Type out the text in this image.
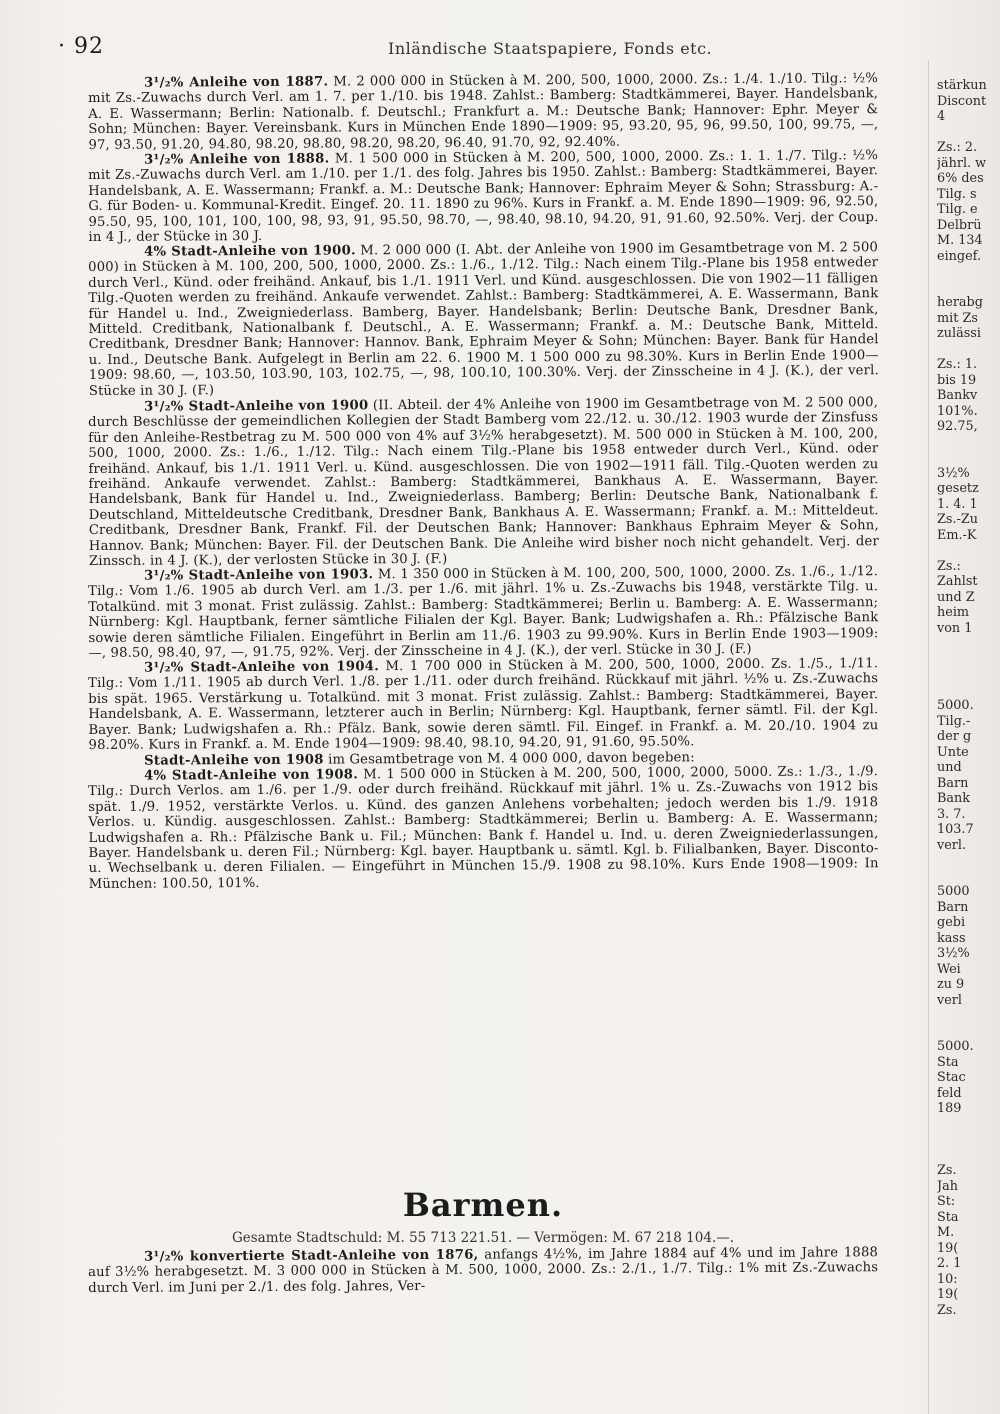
· 92	Inländische Staatspapiere, Fonds etc.

3¹/₂% Anleihe von 1887. M. 2 000 000 in Stücken à M. 200, 500, 1000, 2000. Zs.: 1./4. 1./10. Tilg.: ½% mit Zs.-Zuwachs durch Verl. am 1. 7. per 1./10. bis 1948. Zahlst.: Bamberg: Stadtkämmerei, Bayer. Handelsbank, A. E. Wassermann; Berlin: Nationalb. f. Deutschl.; Frankfurt a. M.: Deutsche Bank; Hannover: Ephr. Meyer & Sohn; München: Bayer. Vereinsbank. Kurs in München Ende 1890—1909: 95, 93.20, 95, 96, 99.50, 100, 99.75, —, 97, 93.50, 91.20, 94.80, 98.20, 98.80, 98.20, 98.20, 96.40, 91.70, 92, 92.40%.

3¹/₂% Anleihe von 1888. M. 1 500 000 in Stücken à M. 200, 500, 1000, 2000. Zs.: 1. 1. 1./7. Tilg.: ½% mit Zs.-Zuwachs durch Verl. am 1./10. per 1./1. des folg. Jahres bis 1950. Zahlst.: Bamberg: Stadtkämmerei, Bayer. Handelsbank, A. E. Wassermann; Frankf. a. M.: Deutsche Bank; Hannover: Ephraim Meyer & Sohn; Strassburg: A.-G. für Boden- u. Kommunal-Kredit. Eingef. 20. 11. 1890 zu 96%. Kurs in Frankf. a. M. Ende 1890—1909: 96, 92.50, 95.50, 95, 100, 101, 100, 100, 98, 93, 91, 95.50, 98.70, —, 98.40, 98.10, 94.20, 91, 91.60, 92.50%. Verj. der Coup. in 4 J., der Stücke in 30 J.

4% Stadt-Anleihe von 1900. M. 2 000 000 (I. Abt. der Anleihe von 1900 im Gesamtbetrage von M. 2 500 000) in Stücken à M. 100, 200, 500, 1000, 2000. Zs.: 1./6., 1./12. Tilg.: Nach einem Tilg.-Plane bis 1958 entweder durch Verl., Künd. oder freihänd. Ankauf, bis 1./1. 1911 Verl. und Künd. ausgeschlossen. Die von 1902—11 fälligen Tilg.-Quoten werden zu freihänd. Ankaufe verwendet. Zahlst.: Bamberg: Stadtkämmerei, A. E. Wassermann, Bank für Handel u. Ind., Zweigniederlass. Bamberg, Bayer. Handelsbank; Berlin: Deutsche Bank, Dresdner Bank, Mitteld. Creditbank, Nationalbank f. Deutschl., A. E. Wassermann; Frankf. a. M.: Deutsche Bank, Mitteld. Creditbank, Dresdner Bank; Hannover: Hannov. Bank, Ephraim Meyer & Sohn; München: Bayer. Bank für Handel u. Ind., Deutsche Bank. Aufgelegt in Berlin am 22. 6. 1900 M. 1 500 000 zu 98.30%. Kurs in Berlin Ende 1900—1909: 98.60, —, 103.50, 103.90, 103, 102.75, —, 98, 100.10, 100.30%. Verj. der Zinsscheine in 4 J. (K.), der verl. Stücke in 30 J. (F.)

3¹/₂% Stadt-Anleihe von 1900 (II. Abteil. der 4% Anleihe von 1900 im Gesamtbetrage von M. 2 500 000, durch Beschlüsse der gemeindlichen Kollegien der Stadt Bamberg vom 22./12. u. 30./12. 1903 wurde der Zinsfuss für den Anleihe-Restbetrag zu M. 500 000 von 4% auf 3½% herabgesetzt). M. 500 000 in Stücken à M. 100, 200, 500, 1000, 2000. Zs.: 1./6., 1./12. Tilg.: Nach einem Tilg.-Plane bis 1958 entweder durch Verl., Künd. oder freihänd. Ankauf, bis 1./1. 1911 Verl. u. Künd. ausgeschlossen. Die von 1902—1911 fäll. Tilg.-Quoten werden zu freihänd. Ankaufe verwendet. Zahlst.: Bamberg: Stadtkämmerei, Bankhaus A. E. Wassermann, Bayer. Handelsbank, Bank für Handel u. Ind., Zweigniederlass. Bamberg; Berlin: Deutsche Bank, Nationalbank f. Deutschland, Mitteldeutsche Creditbank, Dresdner Bank, Bankhaus A. E. Wassermann; Frankf. a. M.: Mitteldeut. Creditbank, Dresdner Bank, Frankf. Fil. der Deutschen Bank; Hannover: Bankhaus Ephraim Meyer & Sohn, Hannov. Bank; München: Bayer. Fil. der Deutschen Bank. Die Anleihe wird bisher noch nicht gehandelt. Verj. der Zinssch. in 4 J. (K.), der verlosten Stücke in 30 J. (F.)

3¹/₂% Stadt-Anleihe von 1903. M. 1 350 000 in Stücken à M. 100, 200, 500, 1000, 2000. Zs. 1./6., 1./12. Tilg.: Vom 1./6. 1905 ab durch Verl. am 1./3. per 1./6. mit jährl. 1% u. Zs.-Zuwachs bis 1948, verstärkte Tilg. u. Totalkünd. mit 3 monat. Frist zulässig. Zahlst.: Bamberg: Stadtkämmerei; Berlin u. Bamberg: A. E. Wassermann; Nürnberg: Kgl. Hauptbank, ferner sämtliche Filialen der Kgl. Bayer. Bank; Ludwigshafen a. Rh.: Pfälzische Bank sowie deren sämtliche Filialen. Eingeführt in Berlin am 11./6. 1903 zu 99.90%. Kurs in Berlin Ende 1903—1909: —, 98.50, 98.40, 97, —, 91.75, 92%. Verj. der Zinsscheine in 4 J. (K.), der verl. Stücke in 30 J. (F.)

3¹/₂% Stadt-Anleihe von 1904. M. 1 700 000 in Stücken à M. 200, 500, 1000, 2000. Zs. 1./5., 1./11. Tilg.: Vom 1./11. 1905 ab durch Verl. 1./8. per 1./11. oder durch freihänd. Rückkauf mit jährl. ½% u. Zs.-Zuwachs bis spät. 1965. Verstärkung u. Totalkünd. mit 3 monat. Frist zulässig. Zahlst.: Bamberg: Stadtkämmerei, Bayer. Handelsbank, A. E. Wassermann, letzterer auch in Berlin; Nürnberg: Kgl. Hauptbank, ferner sämtl. Fil. der Kgl. Bayer. Bank; Ludwigshafen a. Rh.: Pfälz. Bank, sowie deren sämtl. Fil. Eingef. in Frankf. a. M. 20./10. 1904 zu 98.20%. Kurs in Frankf. a. M. Ende 1904—1909: 98.40, 98.10, 94.20, 91, 91.60, 95.50%.

Stadt-Anleihe von 1908 im Gesamtbetrage von M. 4 000 000, davon begeben:

4% Stadt-Anleihe von 1908. M. 1 500 000 in Stücken à M. 200, 500, 1000, 2000, 5000. Zs.: 1./3., 1./9. Tilg.: Durch Verlos. am 1./6. per 1./9. oder durch freihänd. Rückkauf mit jährl. 1% u. Zs.-Zuwachs von 1912 bis spät. 1./9. 1952, verstärkte Verlos. u. Künd. des ganzen Anlehens vorbehalten; jedoch werden bis 1./9. 1918 Verlos. u. Kündig. ausgeschlossen. Zahlst.: Bamberg: Stadtkämmerei; Berlin u. Bamberg: A. E. Wassermann; Ludwigshafen a. Rh.: Pfälzische Bank u. Fil.; München: Bank f. Handel u. Ind. u. deren Zweigniederlassungen, Bayer. Handelsbank u. deren Fil.; Nürnberg: Kgl. bayer. Hauptbank u. sämtl. Kgl. b. Filialbanken, Bayer. Disconto- u. Wechselbank u. deren Filialen. — Eingeführt in München 15./9. 1908 zu 98.10%. Kurs Ende 1908—1909: In München: 100.50, 101%.

Barmen.

Gesamte Stadtschuld: M. 55 713 221.51. — Vermögen: M. 67 218 104.—.

3¹/₂% konvertierte Stadt-Anleihe von 1876, anfangs 4½%, im Jahre 1884 auf 4% und im Jahre 1888 auf 3½% herabgesetzt. M. 3 000 000 in Stücken à M. 500, 1000, 2000. Zs.: 2./1., 1./7. Tilg.: 1% mit Zs.-Zuwachs durch Verl. im Juni per 2./1. des folg. Jahres, Ver-

stärkun

Discont

4

Zs.: 2.

jährl. w

6% des

Tilg. s

Tilg. e

Delbrü

M. 134

eingef.

herabg

mit Zs

zulässi

Zs.: 1.

bis 19

Bankv

101%.

92.75,

3½%

gesetz

1. 4. 1

Zs.-Zu

Em.-K

Zs.:

Zahlst

und Z

heim

von 1

5000.

Tilg.-

der g

Unte

und

Barn

Bank

3. 7.

103.7

verl.

5000

Barn

gebi

kass

3½%

Wei

zu 9

verl

5000.

Sta

Stac

feld

189

Zs.

Jah

St:

Sta

M.

19(

2. 1

10:

19(

Zs.
